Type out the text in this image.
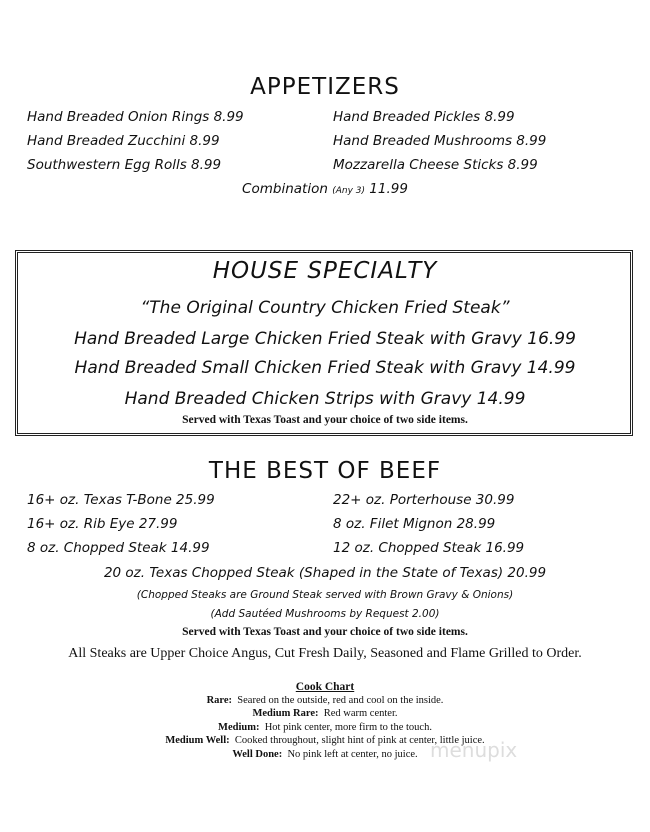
APPETIZERS
Hand Breaded Onion Rings 8.99
Hand Breaded Zucchini 8.99
Southwestern Egg Rolls 8.99
Hand Breaded Pickles 8.99
Hand Breaded Mushrooms 8.99
Mozzarella Cheese Sticks 8.99
Combination (Any 3) 11.99
HOUSE SPECIALTY
“The Original Country Chicken Fried Steak”
Hand Breaded Large Chicken Fried Steak with Gravy 16.99
Hand Breaded Small Chicken Fried Steak with Gravy 14.99
Hand Breaded Chicken Strips with Gravy 14.99
Served with Texas Toast and your choice of two side items.
THE BEST OF BEEF
16+ oz. Texas T-Bone 25.99
16+ oz. Rib Eye 27.99
8 oz. Chopped Steak 14.99
22+ oz. Porterhouse 30.99
8 oz. Filet Mignon 28.99
12 oz. Chopped Steak 16.99
20 oz. Texas Chopped Steak (Shaped in the State of Texas) 20.99
(Chopped Steaks are Ground Steak served with Brown Gravy & Onions)
(Add Sautéed Mushrooms by Request 2.00)
Served with Texas Toast and your choice of two side items.
All Steaks are Upper Choice Angus, Cut Fresh Daily, Seasoned and Flame Grilled to Order.
Cook Chart
Rare: Seared on the outside, red and cool on the inside.
Medium Rare: Red warm center.
Medium: Hot pink center, more firm to the touch.
Medium Well: Cooked throughout, slight hint of pink at center, little juice.
Well Done: No pink left at center, no juice. menupix
